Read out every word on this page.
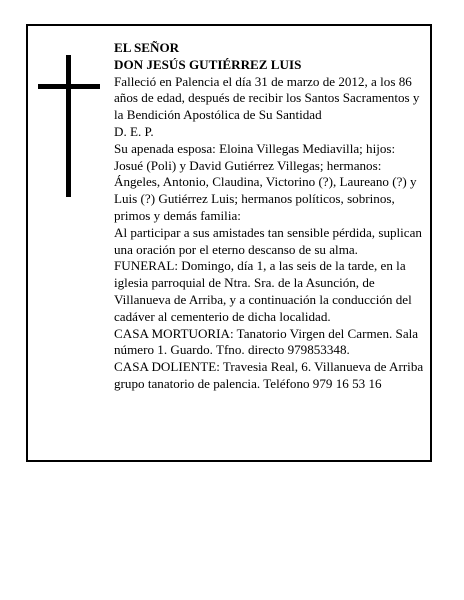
EL SEÑOR

DON JESÚS GUTIÉRREZ LUIS

Falleció en Palencia el día 31 de marzo de 2012, a los 86 años de edad, después de recibir los Santos Sacramentos y la Bendición Apostólica de Su Santidad

D. E. P.

Su apenada esposa: Eloina Villegas Mediavilla; hijos: Josué (Poli) y David Gutiérrez Villegas; hermanos: Ángeles, Antonio, Claudina, Victorino (?), Laureano (?) y Luis (?) Gutiérrez Luis; hermanos políticos, sobrinos, primos y demás familia:

Al participar a sus amistades tan sensible pérdida, suplican una oración por el eterno descanso de su alma.

FUNERAL: Domingo, día 1, a las seis de la tarde, en la iglesia parroquial de Ntra. Sra. de la Asunción, de Villanueva de Arriba, y a continuación la conducción del cadáver al cementerio de dicha localidad.

CASA MORTUORIA: Tanatorio Virgen del Carmen. Sala número 1. Guardo. Tfno. directo 979853348.

CASA DOLIENTE: Travesia Real, 6. Villanueva de Arriba

grupo tanatorio de palencia. Teléfono 979 16 53 16
